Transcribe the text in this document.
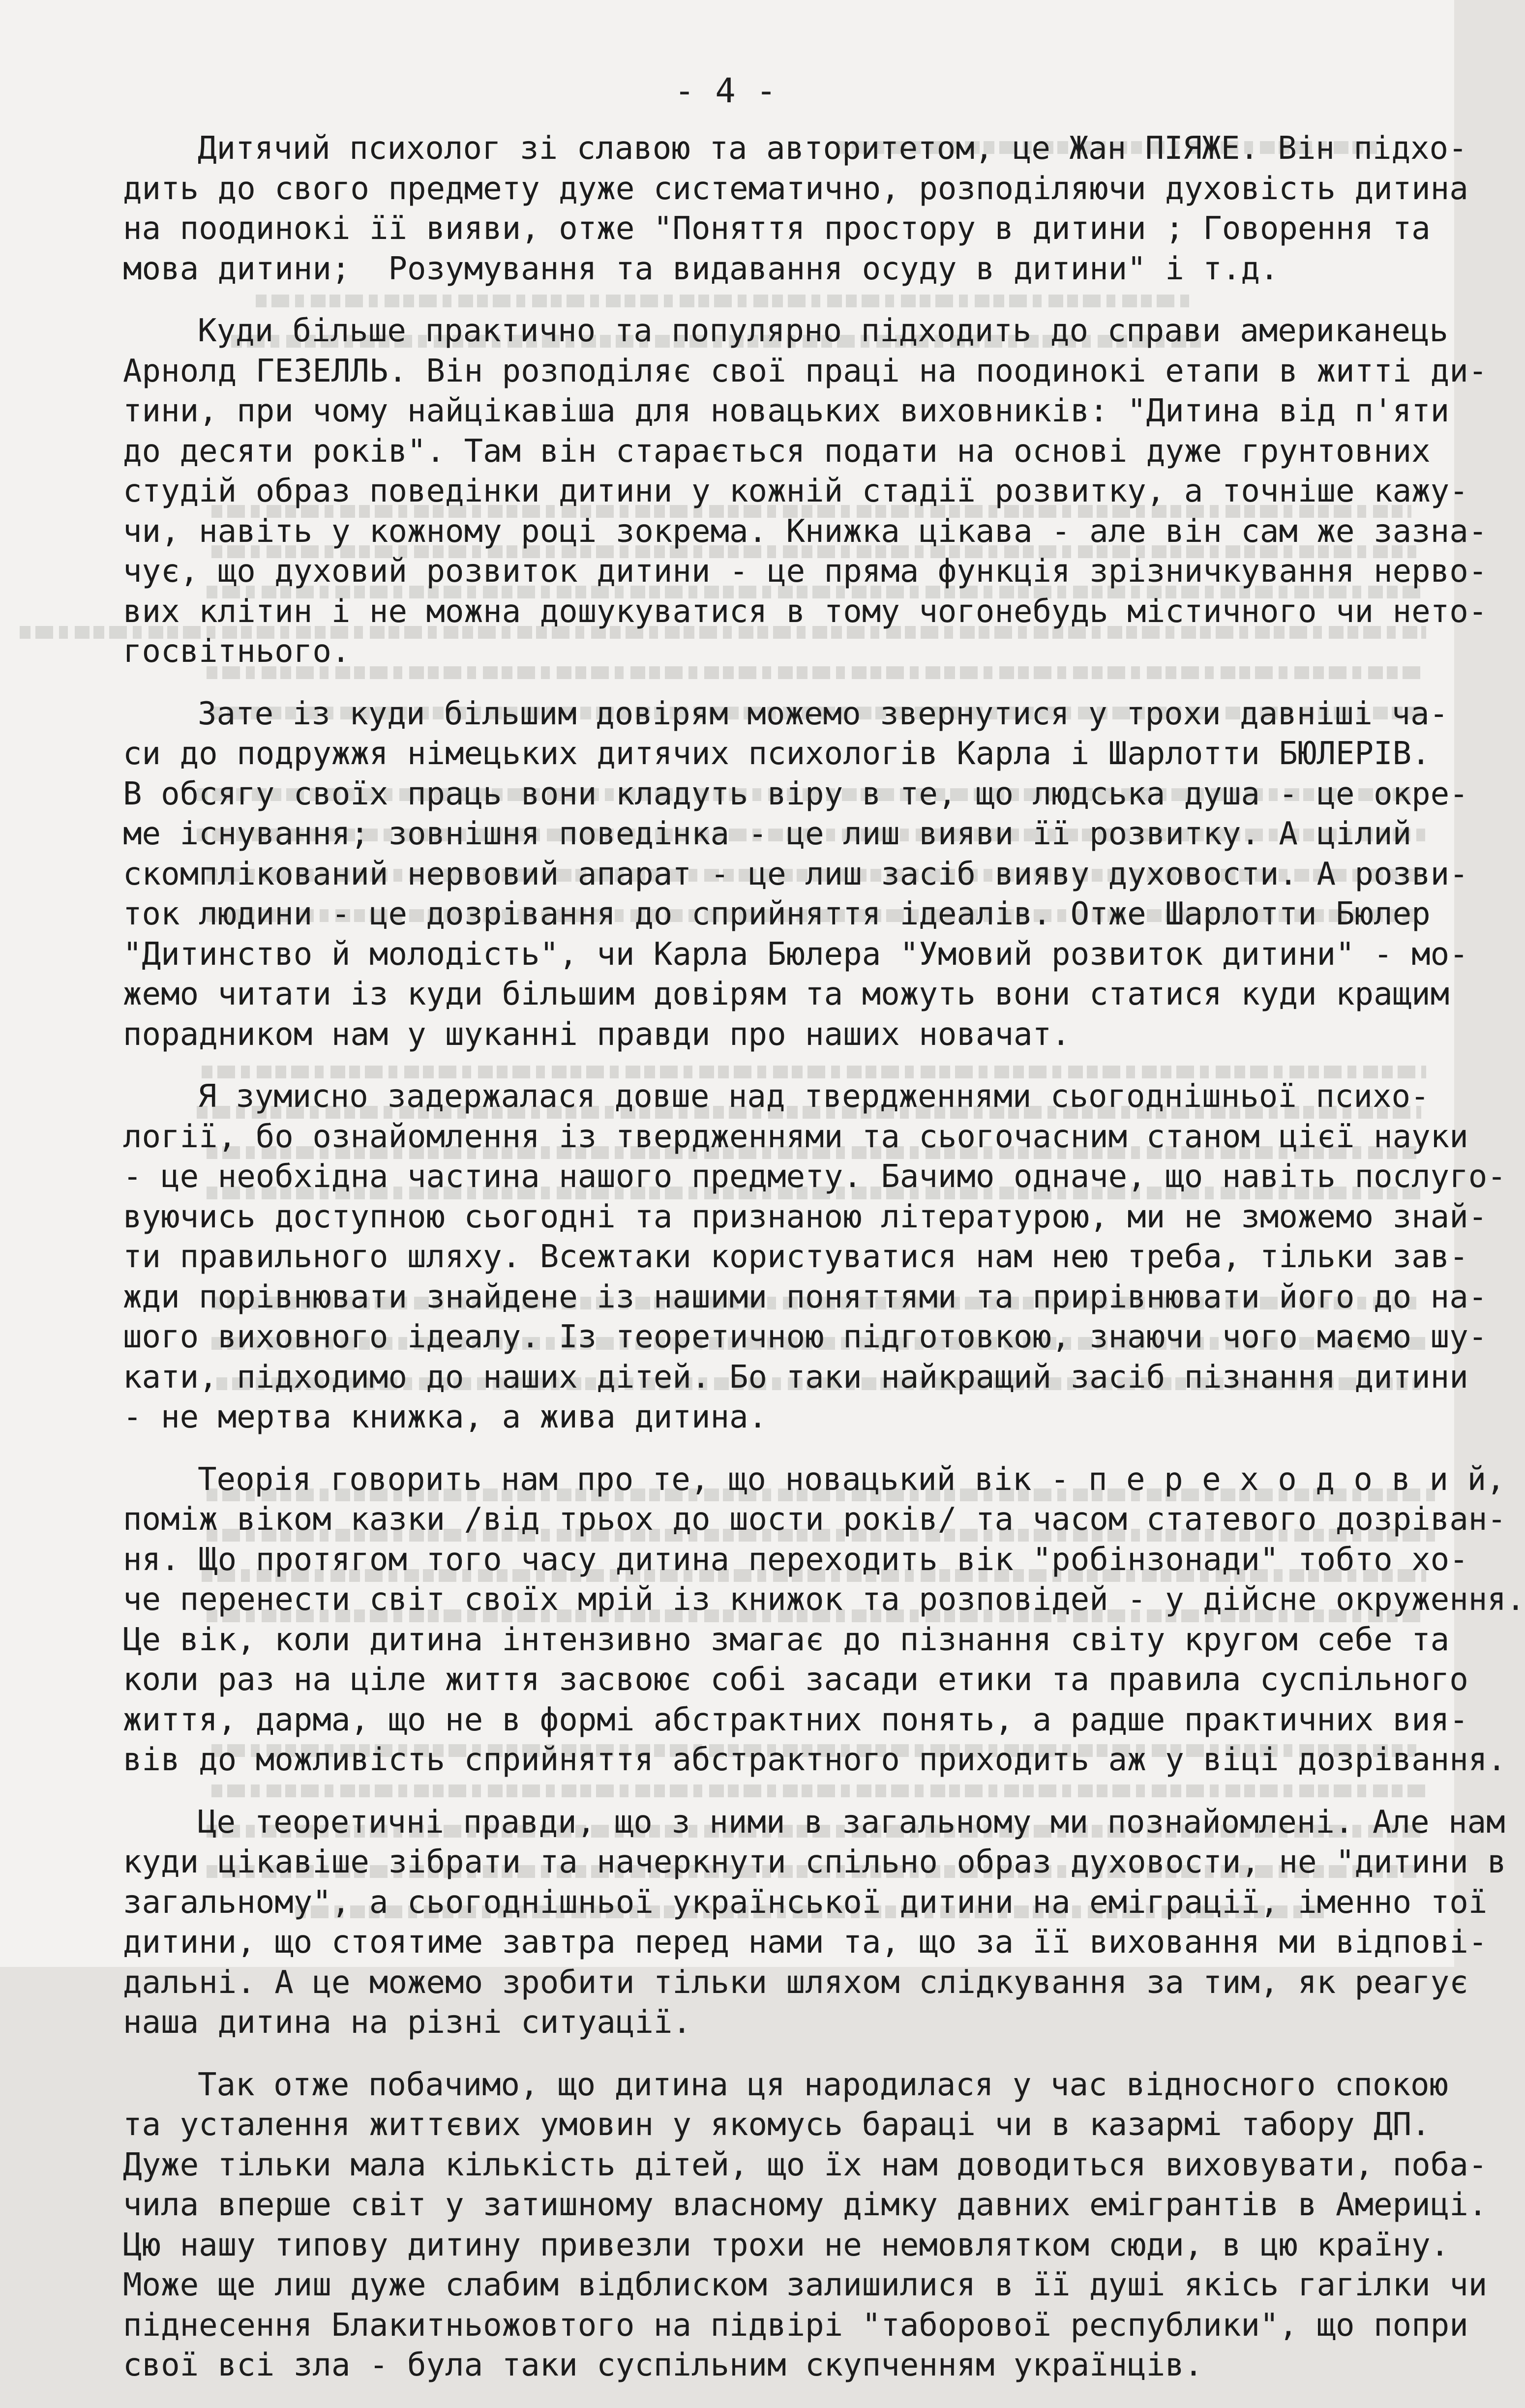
- 4 -
Дитячий психолог зі славою та авторитетом, це Жан ПІЯЖЕ. Він підхо-
дить до свого предмету дуже систематично, розподіляючи духовість дитина
на поодинокі її вияви, отже "Поняття простору в дитини ; Говорення та
мова дитини;  Розумування та видавання осуду в дитини" і т.д.
Куди більше практично та популярно підходить до справи американець
Арнолд ГЕЗЕЛЛЬ. Він розподіляє свої праці на поодинокі етапи в житті ди-
тини, при чому найцікавіша для новацьких виховників: "Дитина від п'яти
до десяти років". Там він старається подати на основі дуже грунтовних
студій образ поведінки дитини у кожній стадії розвитку, а точніше кажу-
чи, навіть у кожному році зокрема. Книжка цікава - але він сам же зазна-
чує, що духовий розвиток дитини - це пряма функція зрізничкування нерво-
вих клітин і не можна дошукуватися в тому чогонебудь містичного чи нето-
госвітнього.
Зате із куди більшим довірям можемо звернутися у трохи давніші ча-
си до подружжя німецьких дитячих психологів Карла і Шарлотти БЮЛЕРІВ.
В обсягу своїх праць вони кладуть віру в те, що людська душа - це окре-
ме існування; зовнішня поведінка - це лиш вияви її розвитку. А цілий
скомплікований нервовий апарат - це лиш засіб вияву духовости. А розви-
ток людини - це дозрівання до сприйняття ідеалів. Отже Шарлотти Бюлер
"Дитинство й молодість", чи Карла Бюлера "Умовий розвиток дитини" - мо-
жемо читати із куди більшим довірям та можуть вони статися куди кращим
порадником нам у шуканні правди про наших новачат.
Я зумисно задержалася довше над твердженнями сьогоднішньої психо-
логії, бо ознайомлення із твердженнями та сьогочасним станом цієї науки
- це необхідна частина нашого предмету. Бачимо одначе, що навіть послуго-
вуючись доступною сьогодні та признаною літературою, ми не зможемо знай-
ти правильного шляху. Всежтаки користуватися нам нею треба, тільки зав-
жди порівнювати знайдене із нашими поняттями та прирівнювати його до на-
шого виховного ідеалу. Із теоретичною підготовкою, знаючи чого маємо шу-
кати, підходимо до наших дітей. Бо таки найкращий засіб пізнання дитини
- не мертва книжка, а жива дитина.
Теорія говорить нам про те, що новацький вік - п е р е х о д о в и й,
поміж віком казки /від трьох до шости років/ та часом статевого дозріван-
ня. Що протягом того часу дитина переходить вік "робінзонади" тобто хо-
че перенести світ своїх мрій із книжок та розповідей - у дійсне окруження.
Це вік, коли дитина інтензивно змагає до пізнання світу кругом себе та
коли раз на ціле життя засвоює собі засади етики та правила суспільного
життя, дарма, що не в формі абстрактних понять, а радше практичних вия-
вів до можливість сприйняття абстрактного приходить аж у віці дозрівання.
Це теоретичні правди, що з ними в загальному ми познайомлені. Але нам
куди цікавіше зібрати та начеркнути спільно образ духовости, не "дитини в
загальному", а сьогоднішньої української дитини на еміграції, іменно тої
дитини, що стоятиме завтра перед нами та, що за її виховання ми відпові-
дальні. А це можемо зробити тільки шляхом слідкування за тим, як реагує
наша дитина на різні ситуації.
Так отже побачимо, що дитина ця народилася у час відносного спокою
та усталення життєвих умовин у якомусь бараці чи в казармі табору ДП.
Дуже тільки мала кількість дітей, що їх нам доводиться виховувати, поба-
чила вперше світ у затишному власному дімку давних емігрантів в Америці.
Цю нашу типову дитину привезли трохи не немовлятком сюди, в цю країну.
Може ще лиш дуже слабим відблиском залишилися в її душі якісь гагілки чи
піднесення Блакитньожовтого на підвірі "таборової республики", що попри
свої всі зла - була таки суспільним скупченням українців.
